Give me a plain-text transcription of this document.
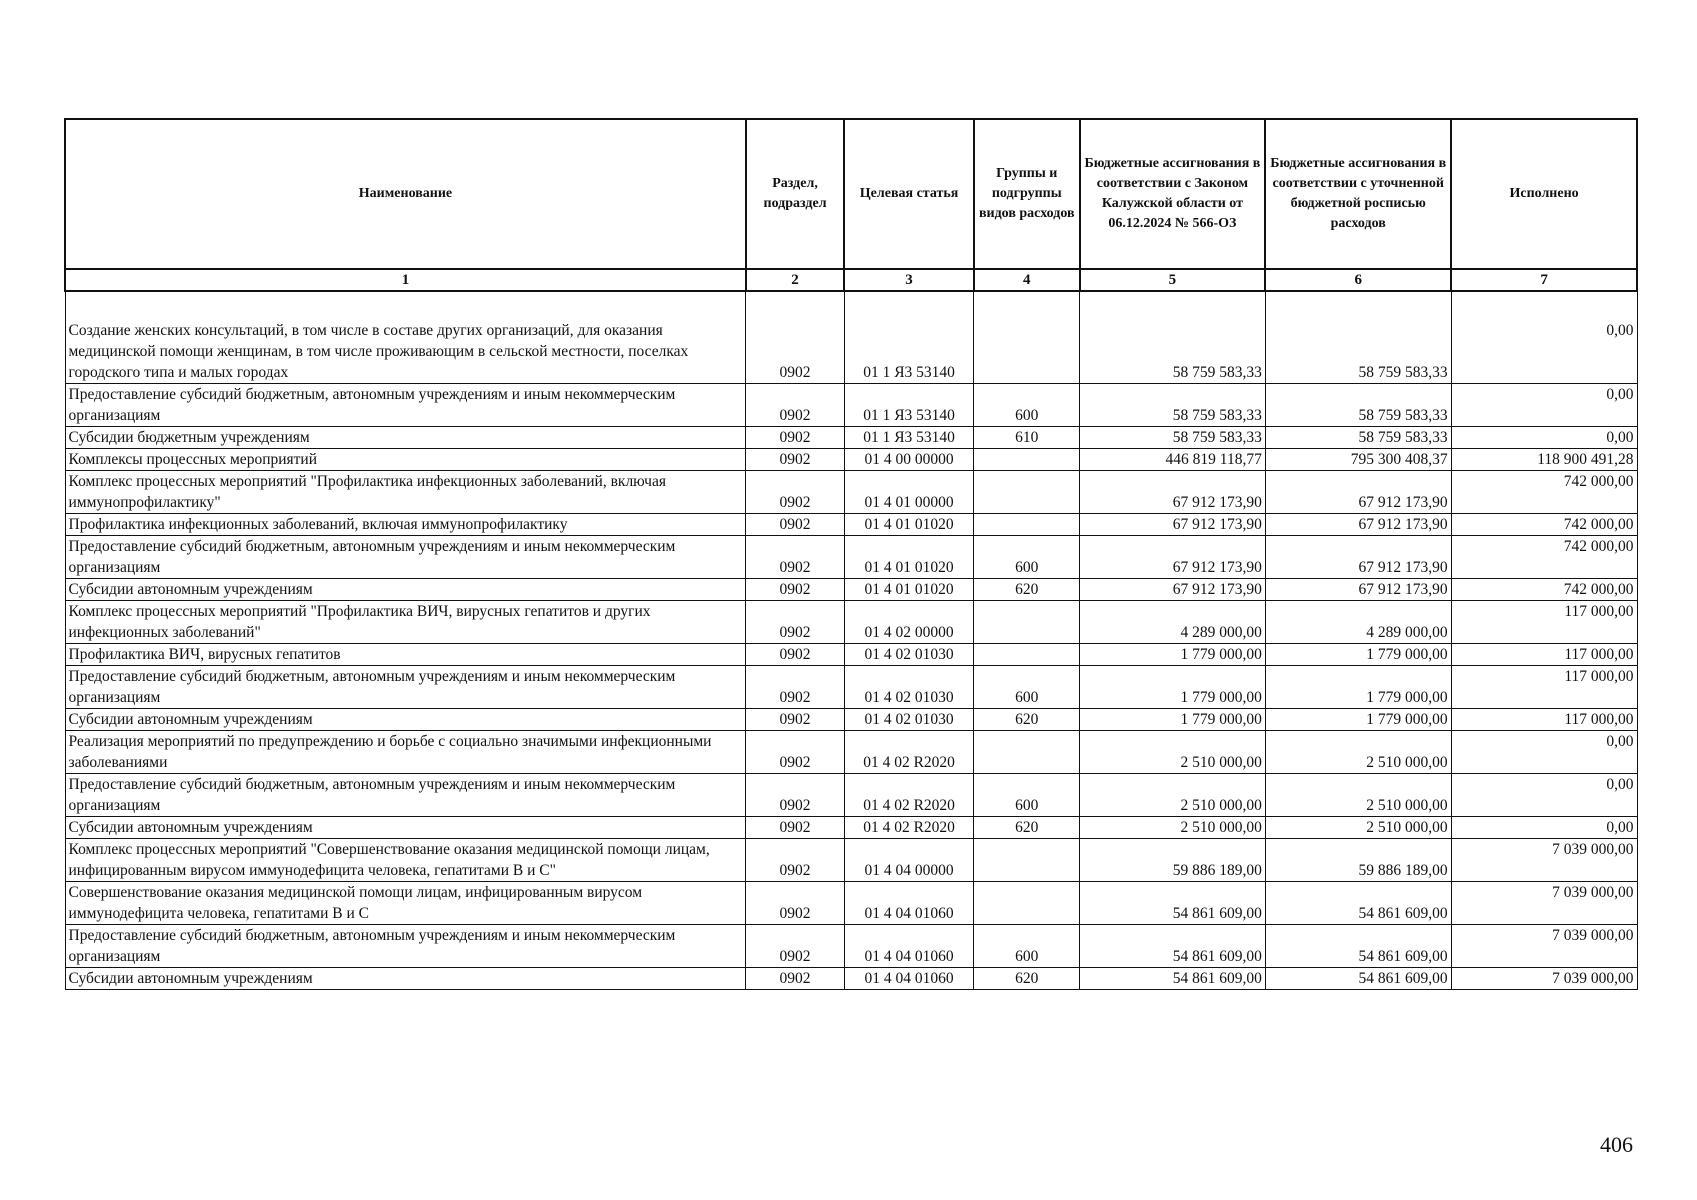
Наименование	Раздел, подраздел	Целевая статья	Группы и подгруппы видов расходов	Бюджетные ассигнования в соответствии с Законом Калужской области от 06.12.2024 № 566-ОЗ	Бюджетные ассигнования в соответствии с уточненной бюджетной росписью расходов	Исполнено
1	2	3	4	5	6	7
Создание женских консультаций, в том числе в составе других организаций, для оказания медицинской помощи женщинам, в том числе проживающим в сельской местности, поселках городского типа и малых городах	0902	01 1 Я3 53140		58 759 583,33	58 759 583,33	0,00
Предоставление субсидий бюджетным, автономным учреждениям и иным некоммерческим организациям	0902	01 1 Я3 53140	600	58 759 583,33	58 759 583,33	0,00
Субсидии бюджетным учреждениям	0902	01 1 Я3 53140	610	58 759 583,33	58 759 583,33	0,00
Комплексы процессных мероприятий	0902	01 4 00 00000		446 819 118,77	795 300 408,37	118 900 491,28
Комплекс процессных мероприятий "Профилактика инфекционных заболеваний, включая иммунопрофилактику"	0902	01 4 01 00000		67 912 173,90	67 912 173,90	742 000,00
Профилактика инфекционных заболеваний, включая иммунопрофилактику	0902	01 4 01 01020		67 912 173,90	67 912 173,90	742 000,00
Предоставление субсидий бюджетным, автономным учреждениям и иным некоммерческим организациям	0902	01 4 01 01020	600	67 912 173,90	67 912 173,90	742 000,00
Субсидии автономным учреждениям	0902	01 4 01 01020	620	67 912 173,90	67 912 173,90	742 000,00
Комплекс процессных мероприятий "Профилактика ВИЧ, вирусных гепатитов и других инфекционных заболеваний"	0902	01 4 02 00000		4 289 000,00	4 289 000,00	117 000,00
Профилактика ВИЧ, вирусных гепатитов	0902	01 4 02 01030		1 779 000,00	1 779 000,00	117 000,00
Предоставление субсидий бюджетным, автономным учреждениям и иным некоммерческим организациям	0902	01 4 02 01030	600	1 779 000,00	1 779 000,00	117 000,00
Субсидии автономным учреждениям	0902	01 4 02 01030	620	1 779 000,00	1 779 000,00	117 000,00
Реализация мероприятий по предупреждению и борьбе с социально значимыми инфекционными заболеваниями	0902	01 4 02 R2020		2 510 000,00	2 510 000,00	0,00
Предоставление субсидий бюджетным, автономным учреждениям и иным некоммерческим организациям	0902	01 4 02 R2020	600	2 510 000,00	2 510 000,00	0,00
Субсидии автономным учреждениям	0902	01 4 02 R2020	620	2 510 000,00	2 510 000,00	0,00
Комплекс процессных мероприятий "Совершенствование оказания медицинской помощи лицам, инфицированным вирусом иммунодефицита человека, гепатитами В и С"	0902	01 4 04 00000		59 886 189,00	59 886 189,00	7 039 000,00
Совершенствование оказания медицинской помощи лицам, инфицированным вирусом иммунодефицита человека, гепатитами В и С	0902	01 4 04 01060		54 861 609,00	54 861 609,00	7 039 000,00
Предоставление субсидий бюджетным, автономным учреждениям и иным некоммерческим организациям	0902	01 4 04 01060	600	54 861 609,00	54 861 609,00	7 039 000,00
Субсидии автономным учреждениям	0902	01 4 04 01060	620	54 861 609,00	54 861 609,00	7 039 000,00
406
